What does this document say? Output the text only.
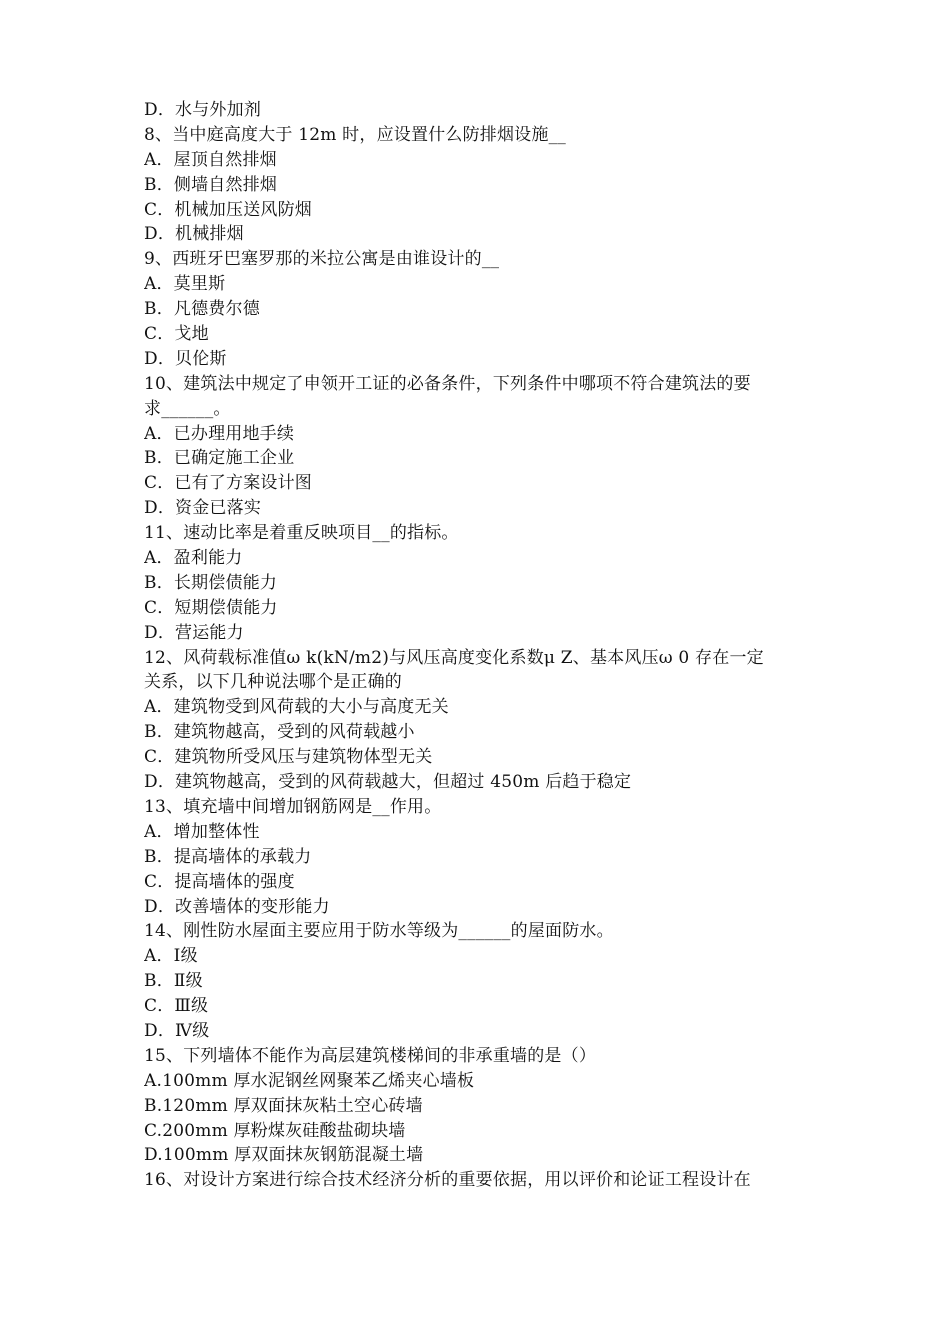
D．水与外加剂
8、当中庭高度大于 12m 时，应设置什么防排烟设施__
A．屋顶自然排烟
B．侧墙自然排烟
C．机械加压送风防烟
D．机械排烟
9、西班牙巴塞罗那的米拉公寓是由谁设计的__
A．莫里斯
B．凡德费尔德
C．戈地
D．贝伦斯
10、建筑法中规定了申领开工证的必备条件，下列条件中哪项不符合建筑法的要
求______。
A．已办理用地手续
B．已确定施工企业
C．已有了方案设计图
D．资金已落实
11、速动比率是着重反映项目__的指标。
A．盈利能力
B．长期偿债能力
C．短期偿债能力
D．营运能力
12、风荷载标准值ω k(kN/m2)与风压高度变化系数μ Z、基本风压ω 0 存在一定
关系，以下几种说法哪个是正确的
A．建筑物受到风荷载的大小与高度无关
B．建筑物越高，受到的风荷载越小
C．建筑物所受风压与建筑物体型无关
D．建筑物越高，受到的风荷载越大，但超过 450m 后趋于稳定
13、填充墙中间增加钢筋网是__作用。
A．增加整体性
B．提高墙体的承载力
C．提高墙体的强度
D．改善墙体的变形能力
14、刚性防水屋面主要应用于防水等级为______的屋面防水。
A．Ⅰ级
B．Ⅱ级
C．Ⅲ级
D．Ⅳ级
15、下列墙体不能作为高层建筑楼梯间的非承重墙的是（）
A.100mm 厚水泥钢丝网聚苯乙烯夹心墙板
B.120mm 厚双面抹灰粘土空心砖墙
C.200mm 厚粉煤灰硅酸盐砌块墙
D.100mm 厚双面抹灰钢筋混凝土墙
16、对设计方案进行综合技术经济分析的重要依据，用以评价和论证工程设计在
